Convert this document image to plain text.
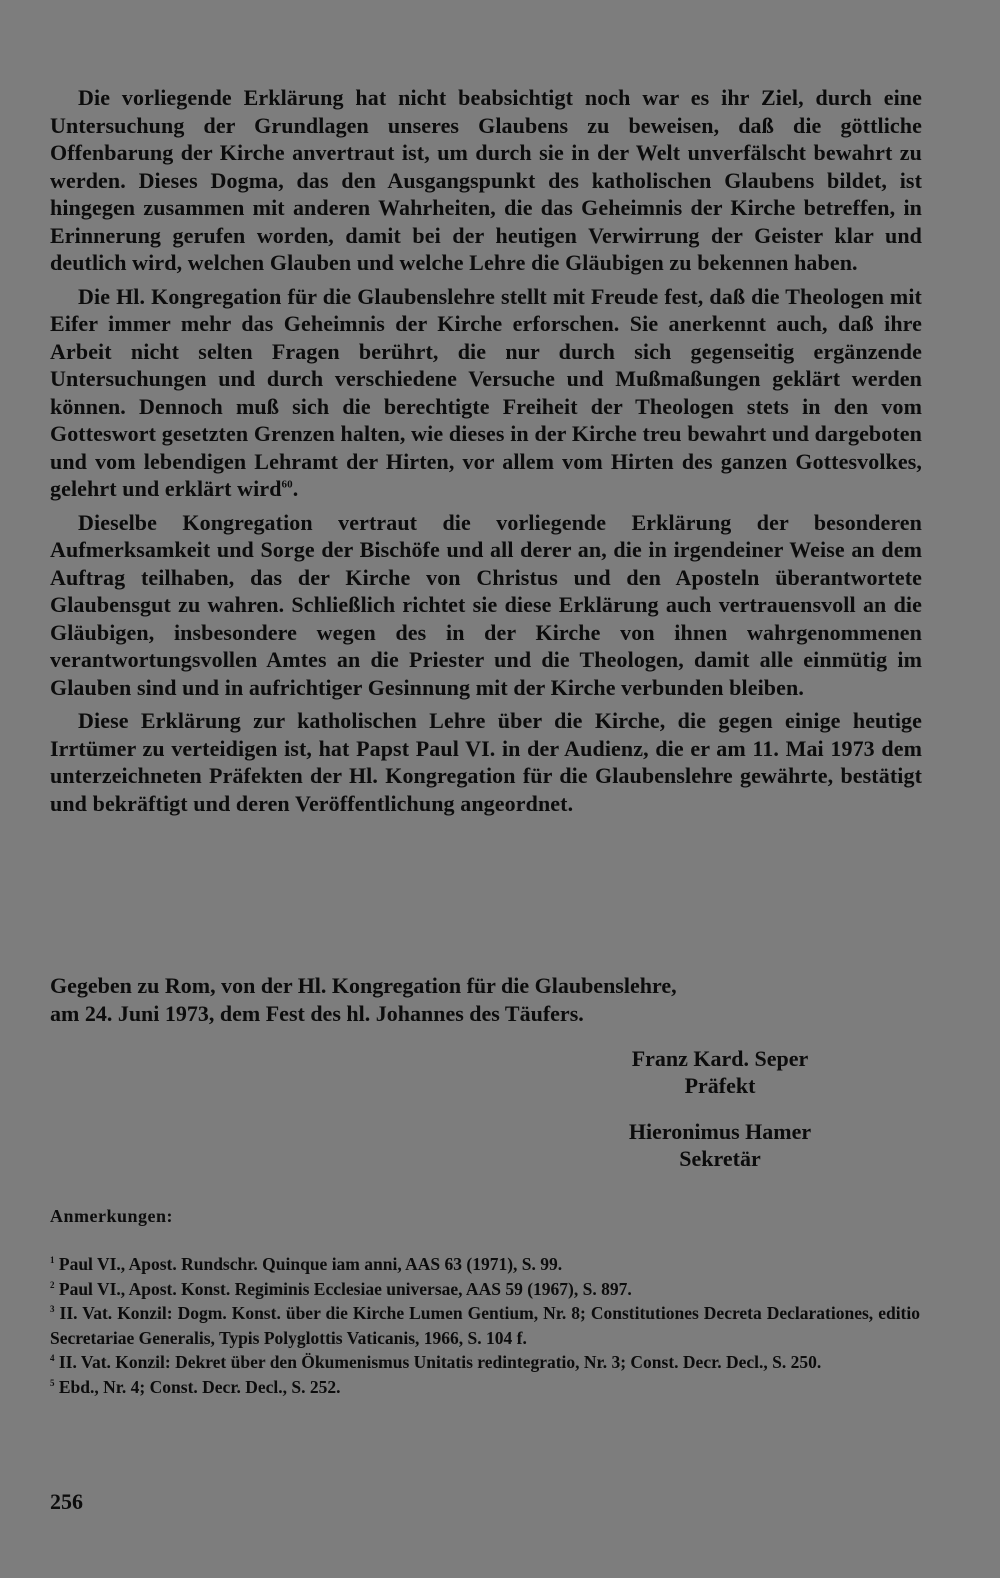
Die vorliegende Erklärung hat nicht beabsichtigt noch war es ihr Ziel, durch eine Untersuchung der Grundlagen unseres Glaubens zu beweisen, daß die göttliche Offenbarung der Kirche anvertraut ist, um durch sie in der Welt unverfälscht bewahrt zu werden. Dieses Dogma, das den Ausgangspunkt des katholischen Glaubens bildet, ist hingegen zusammen mit anderen Wahrheiten, die das Geheimnis der Kirche betreffen, in Erinnerung gerufen worden, damit bei der heutigen Verwirrung der Geister klar und deutlich wird, welchen Glauben und welche Lehre die Gläubigen zu bekennen haben.

Die Hl. Kongregation für die Glaubenslehre stellt mit Freude fest, daß die Theologen mit Eifer immer mehr das Geheimnis der Kirche erforschen. Sie anerkennt auch, daß ihre Arbeit nicht selten Fragen berührt, die nur durch sich gegenseitig ergänzende Untersuchungen und durch verschiedene Versuche und Mußmaßungen geklärt werden können. Dennoch muß sich die berechtigte Freiheit der Theologen stets in den vom Gotteswort gesetzten Grenzen halten, wie dieses in der Kirche treu bewahrt und dargeboten und vom lebendigen Lehramt der Hirten, vor allem vom Hirten des ganzen Gottesvolkes, gelehrt und erklärt wird$^{60}$.

Dieselbe Kongregation vertraut die vorliegende Erklärung der besonderen Aufmerksamkeit und Sorge der Bischöfe und all derer an, die in irgendeiner Weise an dem Auftrag teilhaben, das der Kirche von Christus und den Aposteln überantwortete Glaubensgut zu wahren. Schließlich richtet sie diese Erklärung auch vertrauensvoll an die Gläubigen, insbesondere wegen des in der Kirche von ihnen wahrgenommenen verantwortungsvollen Amtes an die Priester und die Theologen, damit alle einmütig im Glauben sind und in aufrichtiger Gesinnung mit der Kirche verbunden bleiben.

Diese Erklärung zur katholischen Lehre über die Kirche, die gegen einige heutige Irrtümer zu verteidigen ist, hat Papst Paul VI. in der Audienz, die er am 11. Mai 1973 dem unterzeichneten Präfekten der Hl. Kongregation für die Glaubenslehre gewährte, bestätigt und bekräftigt und deren Veröffentlichung angeordnet.

Gegeben zu Rom, von der Hl. Kongregation für die Glaubenslehre,
am 24. Juni 1973, dem Fest des hl. Johannes des Täufers.
Franz Kard. Seper
Präfekt
Hieronimus Hamer
Sekretär
Anmerkungen:

$^1$ Paul VI., Apost. Rundschr. Quinque iam anni, AAS 63 (1971), S. 99.

$^2$ Paul VI., Apost. Konst. Regiminis Ecclesiae universae, AAS 59 (1967), S. 897.

$^3$ II. Vat. Konzil: Dogm. Konst. über die Kirche Lumen Gentium, Nr. 8; Constitutiones Decreta Declarationes, editio Secretariae Generalis, Typis Polyglottis Vaticanis, 1966, S. 104 f.

$^4$ II. Vat. Konzil: Dekret über den Ökumenismus Unitatis redintegratio, Nr. 3; Const. Decr. Decl., S. 250.

$^5$ Ebd., Nr. 4; Const. Decr. Decl., S. 252.

256
